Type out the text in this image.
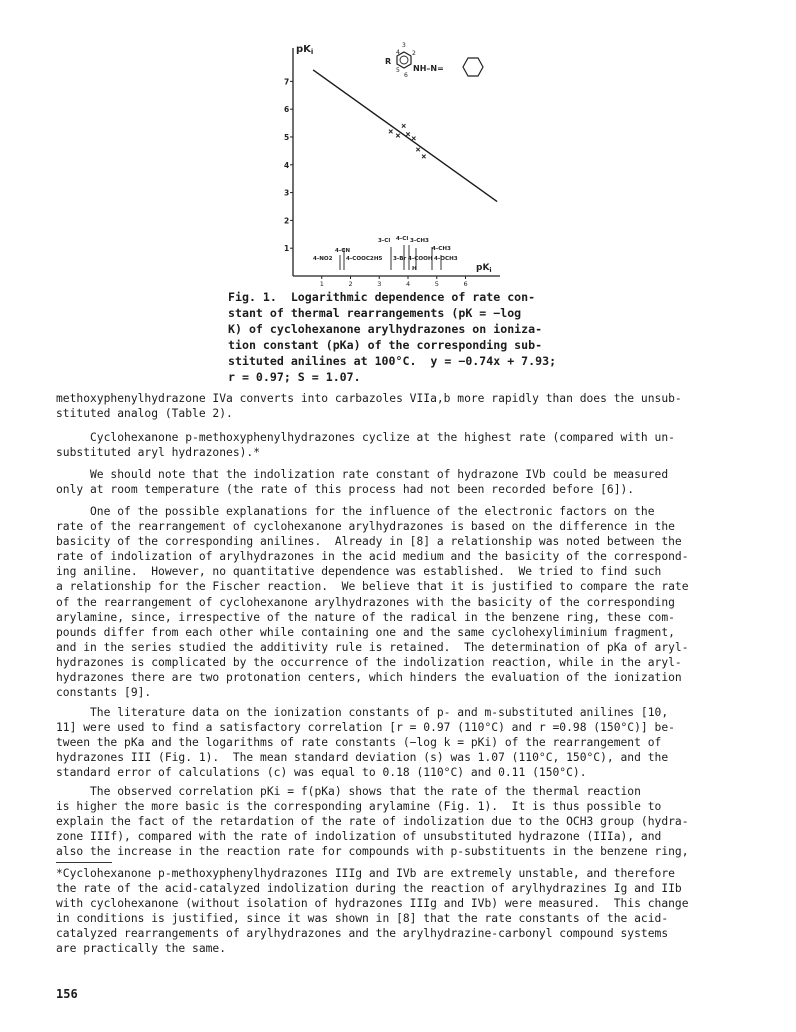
$pK_i$
$pK_i$
1
2
3
4
5
6
7
1	2	3	4	5	6
R
3
4 2
5
6
NH–N=
4-NO2
4-CN
4-COOC2H5
3-Cl 4-Cl 3-CH3
4-CH3
4-OCH3
3-Br 4-COOH
H
Fig. 1.  Logarithmic dependence of rate con-
stant of thermal rearrangements (pK = −log
K) of cyclohexanone arylhydrazones on ioniza-
tion constant (pKa) of the corresponding sub-
stituted anilines at 100°C.  y = −0.74x + 7.93;
r = 0.97; S = 1.07.
methoxyphenylhydrazone IVa converts into carbazoles VIIa,b more rapidly than does the unsub-
stituted analog (Table 2).
Cyclohexanone p-methoxyphenylhydrazones cyclize at the highest rate (compared with un-
substituted aryl hydrazones).*
We should note that the indolization rate constant of hydrazone IVb could be measured
only at room temperature (the rate of this process had not been recorded before [6]).
One of the possible explanations for the influence of the electronic factors on the
rate of the rearrangement of cyclohexanone arylhydrazones is based on the difference in the
basicity of the corresponding anilines.  Already in [8] a relationship was noted between the
rate of indolization of arylhydrazones in the acid medium and the basicity of the correspond-
ing aniline.  However, no quantitative dependence was established.  We tried to find such
a relationship for the Fischer reaction.  We believe that it is justified to compare the rate
of the rearrangement of cyclohexanone arylhydrazones with the basicity of the corresponding
arylamine, since, irrespective of the nature of the radical in the benzene ring, these com-
pounds differ from each other while containing one and the same cyclohexyliminium fragment,
and in the series studied the additivity rule is retained.  The determination of pKa of aryl-
hydrazones is complicated by the occurrence of the indolization reaction, while in the aryl-
hydrazones there are two protonation centers, which hinders the evaluation of the ionization
constants [9].
The literature data on the ionization constants of p- and m-substituted anilines [10,
11] were used to find a satisfactory correlation [r = 0.97 (110°C) and r =0.98 (150°C)] be-
tween the pKa and the logarithms of rate constants (−log k = pKi) of the rearrangement of
hydrazones III (Fig. 1).  The mean standard deviation (s) was 1.07 (110°C, 150°C), and the
standard error of calculations (c) was equal to 0.18 (110°C) and 0.11 (150°C).
The observed correlation pKi = f(pKa) shows that the rate of the thermal reaction
is higher the more basic is the corresponding arylamine (Fig. 1).  It is thus possible to
explain the fact of the retardation of the rate of indolization due to the OCH3 group (hydra-
zone IIIf), compared with the rate of indolization of unsubstituted hydrazone (IIIa), and
also the increase in the reaction rate for compounds with p-substituents in the benzene ring,
*Cyclohexanone p-methoxyphenylhydrazones IIIg and IVb are extremely unstable, and therefore
the rate of the acid-catalyzed indolization during the reaction of arylhydrazines Ig and IIb
with cyclohexanone (without isolation of hydrazones IIIg and IVb) were measured.  This change
in conditions is justified, since it was shown in [8] that the rate constants of the acid-
catalyzed rearrangements of arylhydrazones and the arylhydrazine-carbonyl compound systems
are practically the same.
156
